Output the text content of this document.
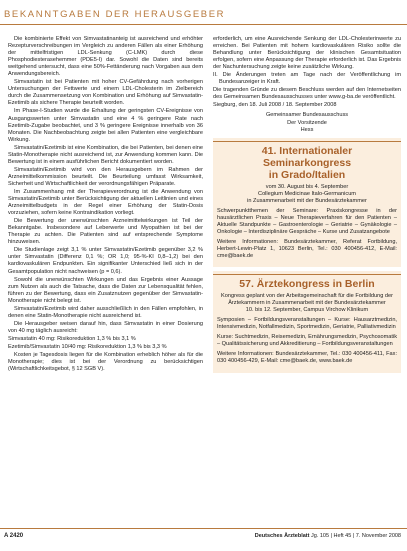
BEKANNTGABEN DER HERAUSGEBER

Die kombinierte Effekt von Simvastatinanteig ist ausreichend und erhöhter Rezepturverschreibungen im Vergleich zu anderen Fällen als einer Erhöhung der mittelfristigen LDL-Senkung (C-LMK) durch diese Phosphodiesterasehemmer (PDE5-I) dar. Sowohl die Daten sind bereits weitgehend untersucht, dass eine 50%-Fettänderung nach Vorgaben aus dem Anwendungsbereich.

Simvastatin ist bei Patienten mit hoher CV-Gefährdung nach vorherigen Untersuchungen der Fettwerte und einem LDL-Cholesterin im Zielbereich durch die Zusammensetzung von Kombination und Erhöhung auf Simvastatin-Ezetimib als sichere Therapie beurteilt worden.

Im Phase-I-Studien wurde die Erhaltung der geringsten CV-Ereignisse von Ausgangswerten unter Simvastatin und eine 4 % geringere Rate nach Ezetimib-Zugabe beobachtet, und 3 % geringere Ereignisse innerhalb von 36 Monaten. Die Nachbeobachtung zeigte bei allen Patienten eine vergleichbare Wirkung.

Simvastatin/Ezetimib ist eine Kombination, die bei Patienten, bei denen eine Statin-Monotherapie nicht ausreichend ist, zur Anwendung kommen kann. Die Bewertung ist in einem ausführlichen Bericht dokumentiert worden.

Simvastatin/Ezetimib wird von den Herausgebern im Rahmen der Arzneimittelkommission beurteilt. Die Beurteilung umfasst Wirksamkeit, Sicherheit und Wirtschaftlichkeit der verordnungsfähigen Präparate.

Im Zusammenhang mit der Therapieverordnung ist die Anwendung von Simvastatin/Ezetimib unter Berücksichtigung der aktuellen Leitlinien und eines Arzneimittelbudgets in der Regel einer Erhöhung der Statin-Dosis vorzuziehen, sofern keine Kontraindikation vorliegt.

Die Bewertung der unerwünschten Arzneimittelwirkungen ist Teil der Bekanntgabe. Insbesondere auf Leberwerte und Myopathien ist bei der Therapie zu achten. Die Patienten sind auf entsprechende Symptome hinzuweisen.

Die Studienlage zeigt 3,1 % unter Simvastatin/Ezetimib gegenüber 3,2 % unter Simvastatin (Differenz 0,1 %; OR 1,0; 95-%-KI 0,8–1,2) bei den kardiovaskulären Endpunkten. Ein signifikanter Unterschied ließ sich in der Gesamtpopulation nicht nachweisen (p = 0,6).

Sowohl die unerwünschten Wirkungen und das Ergebnis einer Aussage zum Nutzen als auch die Tatsache, dass die Daten zur Lebensqualität fehlen, führen zu der Bewertung, dass ein Zusatznutzen gegenüber der Simvastatin-Monotherapie nicht belegt ist.

Simvastatin/Ezetimib wird daher ausschließlich in den Fällen empfohlen, in denen eine Statin-Monotherapie nicht ausreichend ist.

Die Herausgeber weisen darauf hin, dass Simvastatin in einer Dosierung von 40 mg täglich ausreicht:

Simvastatin 40 mg: Risikoreduktion 1,3 % bis 3,1 %

Ezetimib/Simvastatin 10/40 mg: Risikoreduktion 1,3 % bis 3,3 %

Kosten je Tagesdosis liegen für die Kombination erheblich höher als für die Monotherapie; dies ist bei der Verordnung zu berücksichtigen (Wirtschaftlichkeitsgebot, § 12 SGB V).

erforderlich, um eine Ausreichende Senkung der LDL-Cholesterinwerte zu erreichen. Bei Patienten mit hohem kardiovaskulären Risiko sollte die Behandlung unter Berücksichtigung der klinischen Gesamtsituation erfolgen, sofern eine Anpassung der Therapie erforderlich ist. Das Ergebnis der Nachuntersuchung zeigte keine zusätzliche Wirkung.

II. Die Änderungen treten am Tage nach der Veröffentlichung im Bundesanzeiger in Kraft.

Die tragenden Gründe zu diesem Beschluss werden auf den Internetseiten des Gemeinsamen Bundesausschusses unter www.g-ba.de veröffentlicht.

Siegburg, den 18. Juli 2008 / 18. September 2008

Gemeinsamer Bundesausschuss
Der Vorsitzende
Hess
41. Internationaler Seminarkongress
in Grado/Italien
vom 30. August bis 4. September
Collegium Medicinae Italo-Germanicum
in Zusammenarbeit mit der Bundesärztekammer

Schwerpunktthemen der Seminare: Praxiskongresse in der hausärztlichen Praxis – Neue Therapieverfahren für den Patienten – Aktuelle Standpunkte – Gastroenterologie – Geriatrie – Gynäkologie – Onkologie – Interdisziplinäre Gespräche – Kurse und Zusatzangebote

Weitere Informationen: Bundesärztekammer, Referat Fortbildung, Herbert-Lewin-Platz 1, 10623 Berlin, Tel.: 030 400456-412, E-Mail: cme@baek.de

57. Ärztekongress in Berlin
Kongress geplant von der Arbeitsgemeinschaft für die Fortbildung der Ärztekammern in Zusammenarbeit mit der Bundesärztekammer
10. bis 12. September, Campus Virchow Klinikum

Symposien – Fortbildungsveranstaltungen – Kurse: Hausarztmedizin, Intensivmedizin, Notfallmedizin, Sportmedizin, Geriatrie, Palliativmedizin

Kurse: Suchtmedizin, Reisemedizin, Ernährungsmedizin, Psychosomatik – Qualitätssicherung und Akkreditierung – Fortbildungsveranstaltungen

Weitere Informationen: Bundesärztekammer, Tel.: 030 400456-411, Fax: 030 400456-429, E-Mail: cme@baek.de, www.baek.de

A 2420	Deutsches Ärzteblatt Jg. 105 | Heft 45 | 7. November 2008
